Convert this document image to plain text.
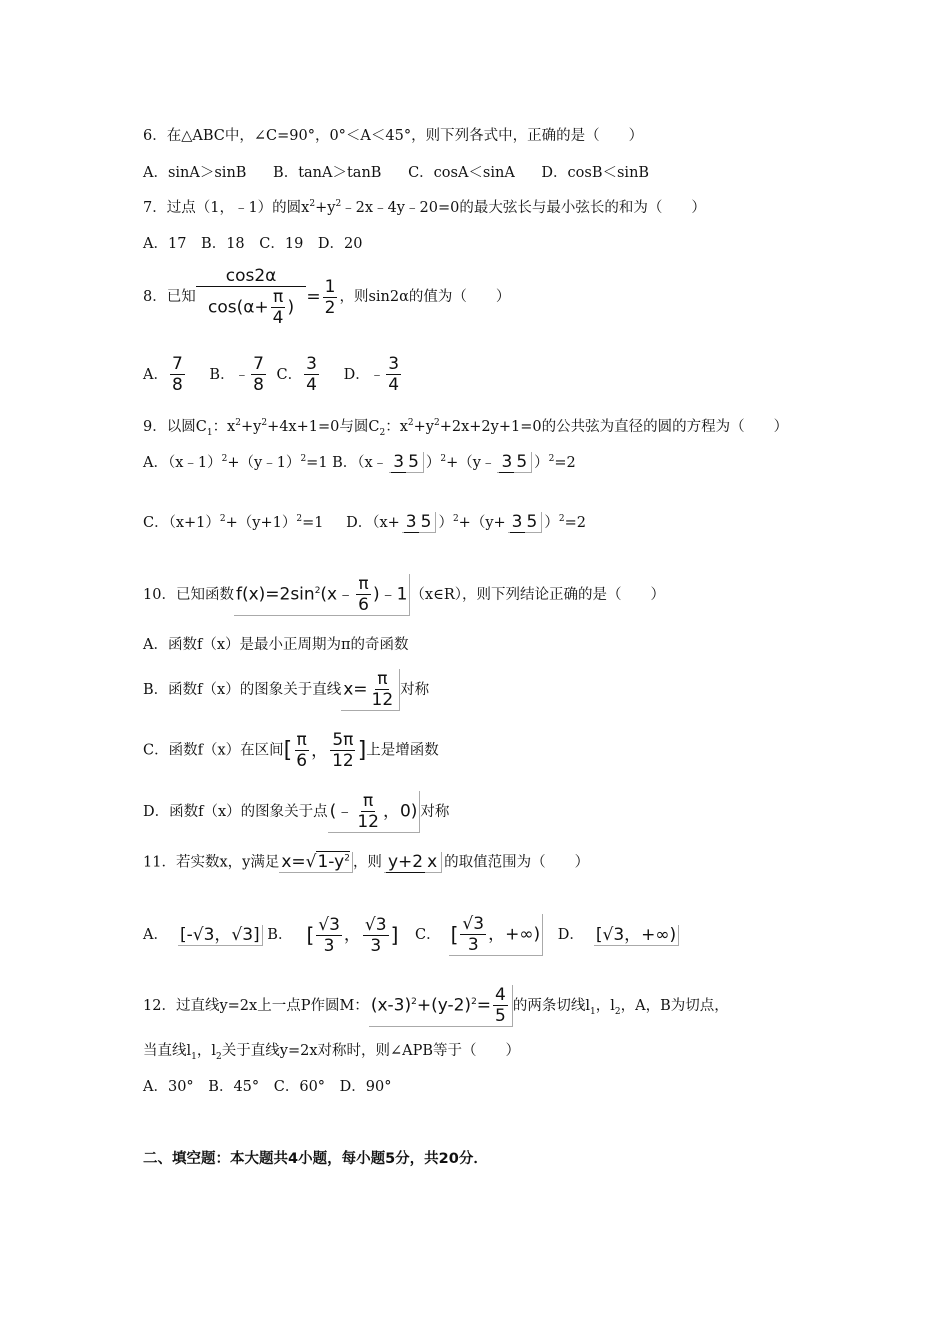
6．在△ABC中，∠C=90°，0°＜A＜45°，则下列各式中，正确的是（　　）
A．sinA＞sinB B．tanA＞tanB C．cosA＜sinA D．cosB＜sinB
7．过点（1，﹣1）的圆$x^2+y^2﹣2x﹣4y﹣20=0$的最大弦长与最小弦长的和为（　　）
A．17 B．18 C．19 D．20
8．已知 $\frac{\cos 2\alpha}{\cos(\alpha+ \frac{\pi}{4} )} = \frac{1}{2}$ ，则sin2α的值为（　　）
A． $\frac{7}{8}$ B．﹣ $\frac{7}{8}$ C． $\frac{3}{4}$ D．﹣ $\frac{3}{4}$
9．以圆$C_1$：$x^2+y^2+4x+1=0$与圆$C_2$：$x^2+y^2+2x+2y+1=0$的公共弦为直径的圆的方程为（　　）
A．（x﹣1）$^2$+（y﹣1）$^2$=1 B．（x﹣ 3 5 ）$^2$+（y﹣ 3 5 ）$^2$=2
C．$(x+1)^2+(y+1)^2=1$ D．（x+ 3 5 ）$^2$+（y+ 3 5 ）$^2$=2
10．已知函数 $f(x)=2\sin^2(x﹣ \frac{\pi}{6}$ )﹣1 （x∈R），则下列结论正确的是（　　）
A．函数f（x）是最小正周期为π的奇函数
B．函数f（x）的图象关于直线 $x= \frac{\pi}{12}$ 对称
C．函数f（x）在区间[ $\frac{\pi}{6}$ ， $\frac{5\pi}{12}$ ]上是增函数
D．函数f（x）的图象关于点 (﹣ $\frac{\pi}{12}$ ，0) 对称
11．若实数x，y满足 $x=√1-y^2$ ，则 y+2 x 的取值范围为（　　）
A． [-√3，√3] B． [ $\frac{√3}{3}$ ， $\frac{√3}{3}$ ] C． [ $\frac{√3}{3}$ ，+∞) D． [√3，+∞)
12．过直线y=2x上一点P作圆M： $(x-3)^2+(y-2)^2= \frac{4}{5}$ 的两条切线$l_1$，$l_2$，A，B为切点，
当直线$l_1$，$l_2$关于直线y=2x对称时，则∠APB等于（　　）
A．30° B．45° C．60° D．90°
二、填空题：本大题共4小题，每小题5分，共20分．
